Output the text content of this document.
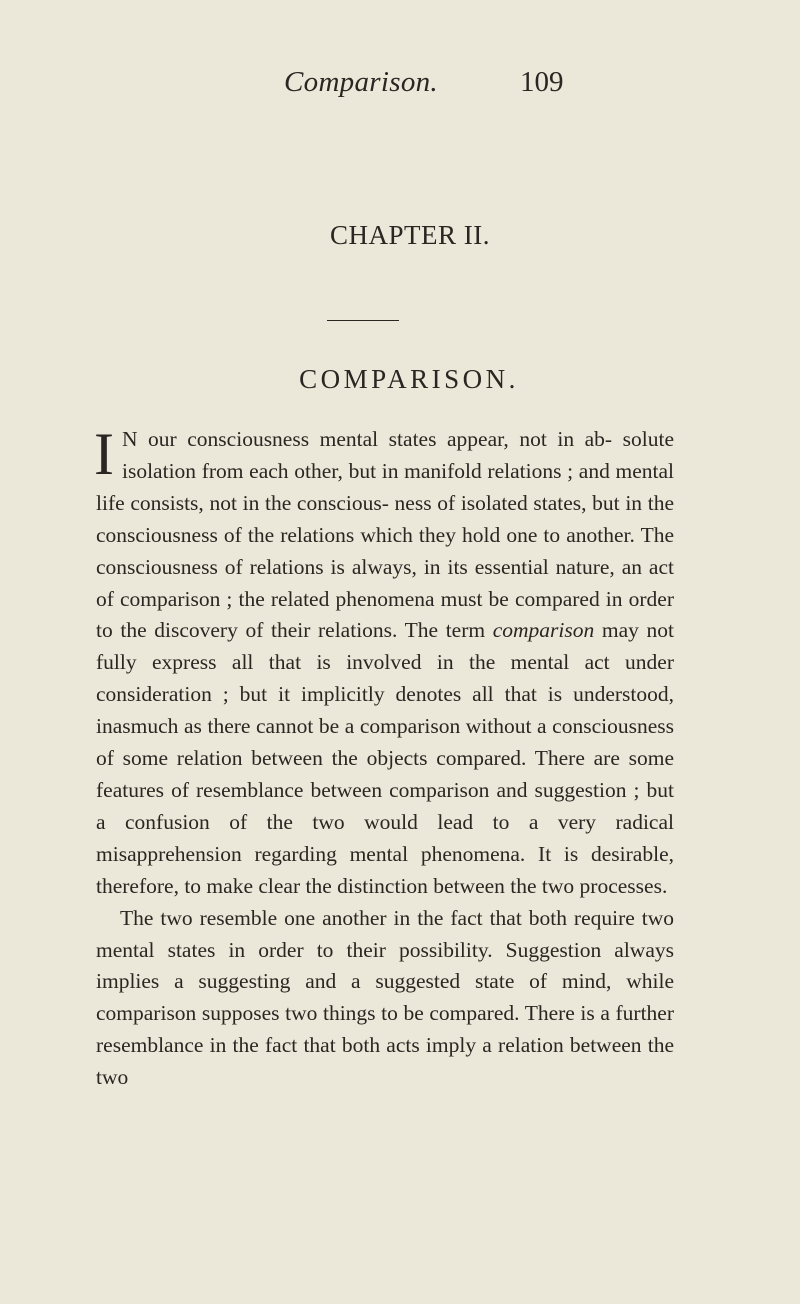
Comparison.	109
CHAPTER II.
COMPARISON.

I N our consciousness mental states appear, not in ab- solute isolation from each other, but in manifold relations ; and mental life consists, not in the conscious- ness of isolated states, but in the consciousness of the relations which they hold one to another. The consciousness of relations is always, in its essential nature, an act of comparison ; the related phenomena must be compared in order to the discovery of their relations. The term comparison may not fully express all that is involved in the mental act under consideration ; but it implicitly denotes all that is understood, inasmuch as there cannot be a comparison without a consciousness of some relation between the objects compared. There are some features of resemblance between comparison and suggestion ; but a confusion of the two would lead to a very radical misapprehension regarding mental phenomena. It is desirable, therefore, to make clear the distinction between the two processes.

The two resemble one another in the fact that both require two mental states in order to their possibility. Suggestion always implies a suggesting and a suggested state of mind, while comparison supposes two things to be compared. There is a further resemblance in the fact that both acts imply a relation between the two
